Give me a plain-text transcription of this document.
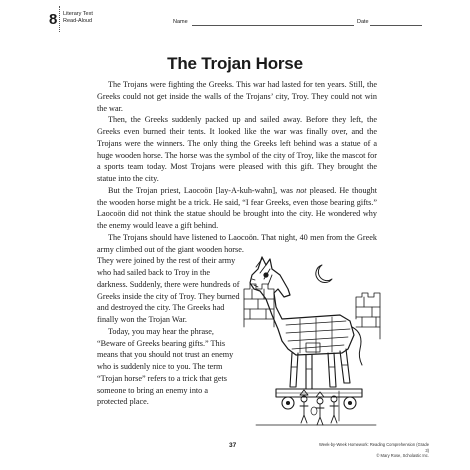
8 Literary Text
Read-Aloud	Name	Date
The Trojan Horse

The Trojans were fighting the Greeks. This war had lasted for ten years. Still, the Greeks could not get inside the walls of the Trojans’ city, Troy. They could not win the war.

Then, the Greeks suddenly packed up and sailed away. Before they left, the Greeks even burned their tents. It looked like the war was finally over, and the Trojans were the winners. The only thing the Greeks left behind was a statue of a huge wooden horse. The horse was the symbol of the city of Troy, like the mascot for a sports team today. Most Trojans were pleased with this gift. They brought the statue into the city.

But the Trojan priest, Laocoön [lay-A-kuh-wahn], was not pleased. He thought the wooden horse might be a trick. He said, “I fear Greeks, even those bearing gifts.” Laocoön did not think the statue should be brought into the city. He wondered why the enemy would leave a gift behind.

The Trojans should have listened to Laocoön. That night, 40 men from the Greek army climbed out of the giant wooden horse.

They were joined by the rest of their army who had sailed back to Troy in the darkness. Suddenly, there were hundreds of Greeks inside the city of Troy. They burned and destroyed the city. The Greeks had finally won the Trojan War.

Today, you may hear the phrase, “Beware of Greeks bearing gifts.” This means that you should not trust an enemy who is suddenly nice to you. The term “Trojan horse” refers to a trick that gets someone to bring an enemy into a protected place.

37	Week-by-Week Homework: Reading Comprehension (Grade 3)
© Mary Rose, Scholastic Inc.
